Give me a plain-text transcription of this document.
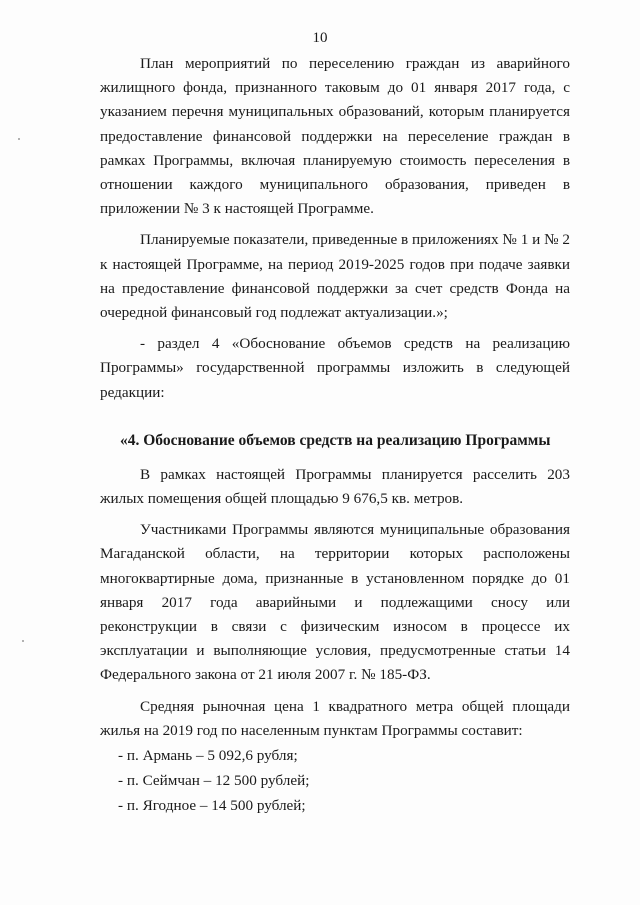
10

План мероприятий по переселению граждан из аварийного жилищного фонда, признанного таковым до 01 января 2017 года, с указанием перечня муниципальных образований, которым планируется предоставление финансовой поддержки на переселение граждан в рамках Программы, включая планируемую стоимость переселения в отношении каждого муниципального образования, приведен в приложении № 3 к настоящей Программе.

Планируемые показатели, приведенные в приложениях № 1 и № 2 к настоящей Программе, на период 2019-2025 годов при подаче заявки на предоставление финансовой поддержки за счет средств Фонда на очередной финансовый год подлежат актуализации.»;

- раздел 4 «Обоснование объемов средств на реализацию Программы» государственной программы изложить в следующей редакции:

«4. Обоснование объемов средств на реализацию Программы

В рамках настоящей Программы планируется расселить 203 жилых помещения общей площадью 9 676,5 кв. метров.

Участниками Программы являются муниципальные образования Магаданской области, на территории которых расположены многоквартирные дома, признанные в установленном порядке до 01 января 2017 года аварийными и подлежащими сносу или реконструкции в связи с физическим износом в процессе их эксплуатации и выполняющие условия, предусмотренные статьи 14 Федерального закона от 21 июля 2007 г. № 185-ФЗ.

Средняя рыночная цена 1 квадратного метра общей площади жилья на 2019 год по населенным пунктам Программы составит:

- п. Армань – 5 092,6 рубля;
- п. Сеймчан – 12 500 рублей;
- п. Ягодное – 14 500 рублей;
